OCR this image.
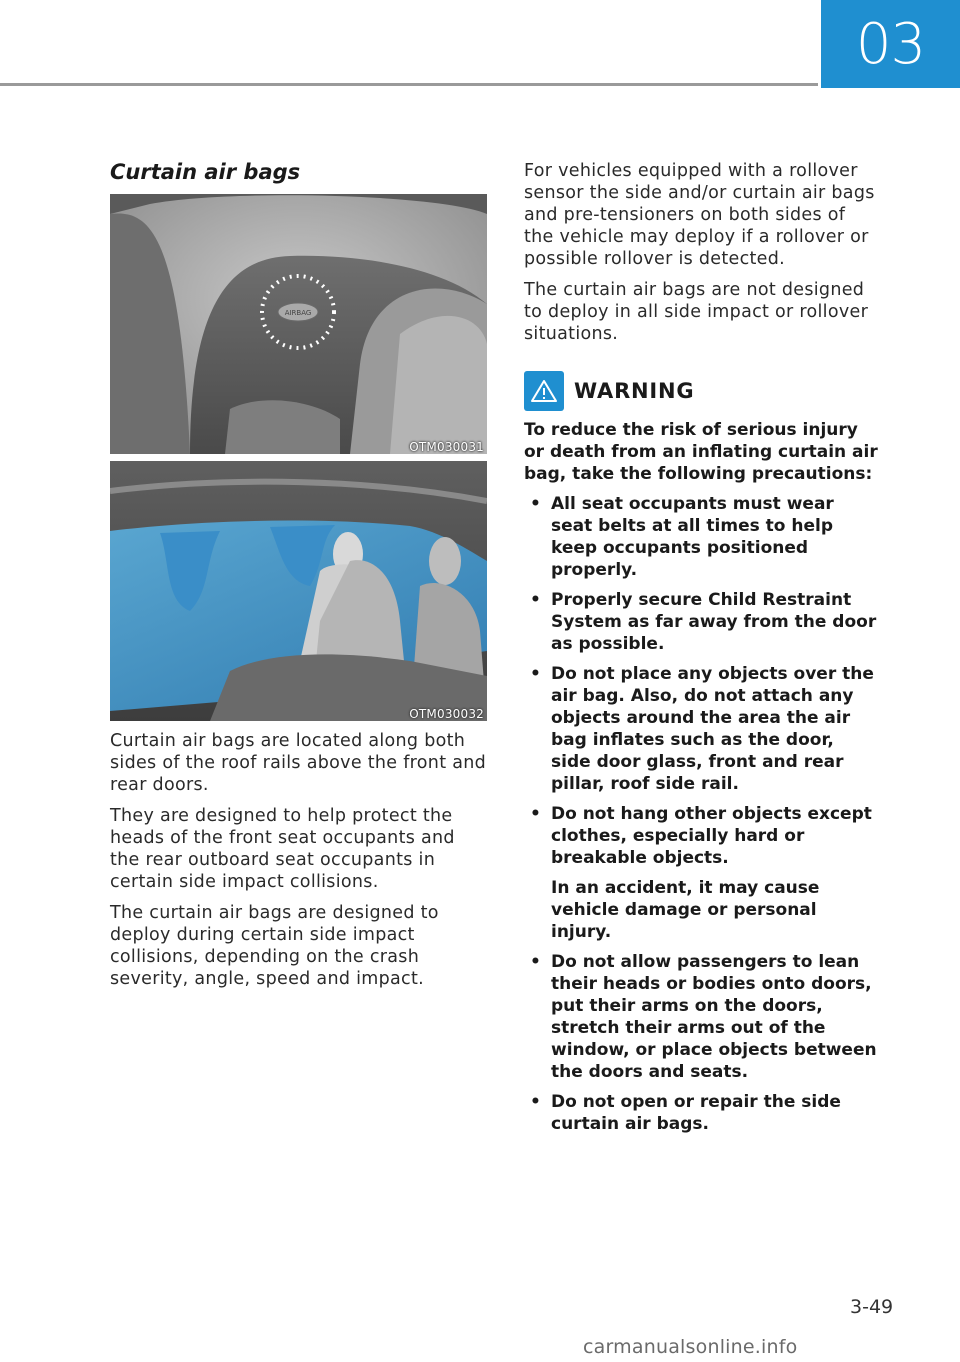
03
Curtain air bags
AIRBAG
OTM030031
OTM030032

Curtain air bags are located along both sides of the roof rails above the front and rear doors.

They are designed to help protect the heads of the front seat occupants and the rear outboard seat occupants in certain side impact collisions.

The curtain air bags are designed to deploy during certain side impact collisions, depending on the crash severity, angle, speed and impact.

For vehicles equipped with a rollover sensor the side and/or curtain air bags and pre-tensioners on both sides of the vehicle may deploy if a rollover or possible rollover is detected.

The curtain air bags are not designed to deploy in all side impact or rollover situations.

WARNING

To reduce the risk of serious injury or death from an inflating curtain air bag, take the following precautions:

• All seat occupants must wear seat belts at all times to help keep occupants positioned properly.
• Properly secure Child Restraint System as far away from the door as possible.
• Do not place any objects over the air bag. Also, do not attach any objects around the area the air bag inflates such as the door, side door glass, front and rear pillar, roof side rail.
• Do not hang other objects except clothes, especially hard or breakable objects.
In an accident, it may cause vehicle damage or personal injury.
• Do not allow passengers to lean their heads or bodies onto doors, put their arms on the doors, stretch their arms out of the window, or place objects between the doors and seats.
• Do not open or repair the side curtain air bags.
3-49
carmanualsonline.info
